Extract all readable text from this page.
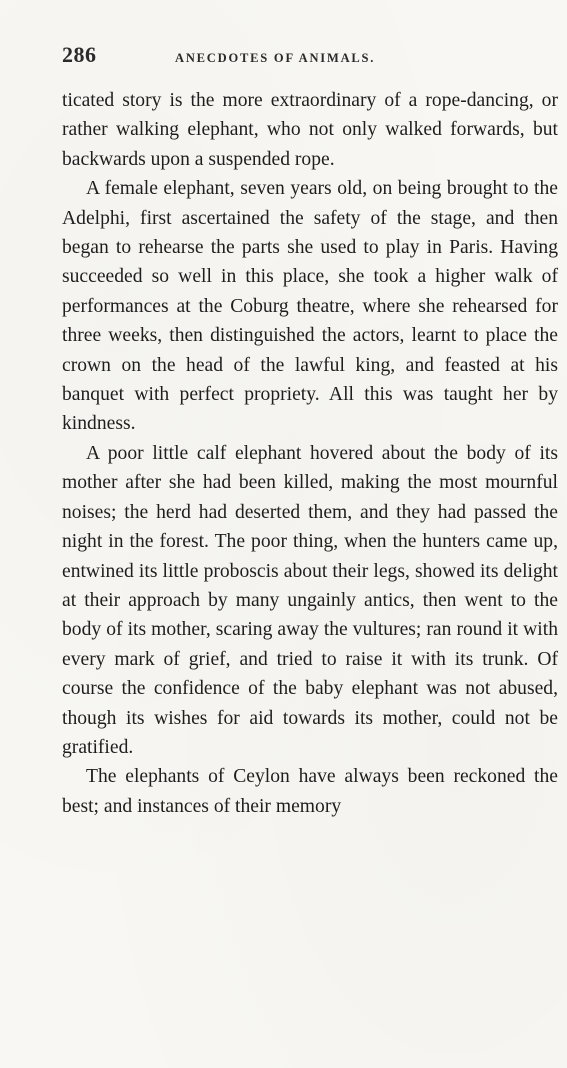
286	ANECDOTES OF ANIMALS.

ticated story is the more extraordinary of a rope-dancing, or rather walking elephant, who not only walked forwards, but backwards upon a suspended rope.

A female elephant, seven years old, on being brought to the Adelphi, first ascertained the safety of the stage, and then began to rehearse the parts she used to play in Paris. Having succeeded so well in this place, she took a higher walk of performances at the Coburg theatre, where she rehearsed for three weeks, then distinguished the actors, learnt to place the crown on the head of the lawful king, and feasted at his banquet with perfect propriety. All this was taught her by kindness.

A poor little calf elephant hovered about the body of its mother after she had been killed, making the most mournful noises; the herd had deserted them, and they had passed the night in the forest. The poor thing, when the hunters came up, entwined its little proboscis about their legs, showed its delight at their approach by many ungainly antics, then went to the body of its mother, scaring away the vultures; ran round it with every mark of grief, and tried to raise it with its trunk. Of course the confidence of the baby elephant was not abused, though its wishes for aid towards its mother, could not be gratified.

The elephants of Ceylon have always been reckoned the best; and instances of their memory
